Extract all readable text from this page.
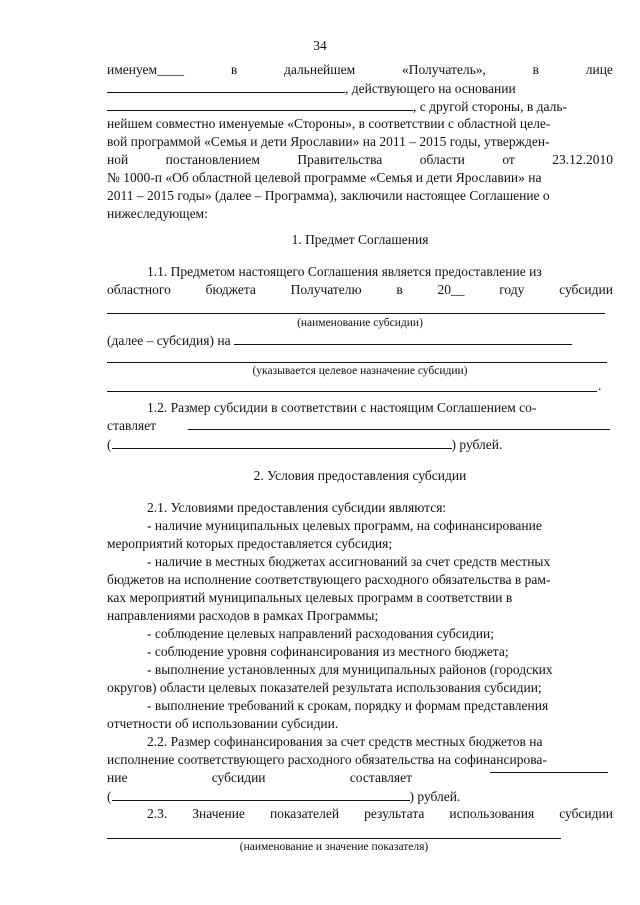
34
именуем____	в	дальнейшем	«Получатель»,	в	лице
, действующего на основании
, с другой стороны, в даль-
нейшем совместно именуемые «Стороны», в соответствии с областной целе-
вой программой «Семья и дети Ярославии» на 2011 – 2015 годы, утвержден-
ной	постановлением	Правительства	области	от	23.12.2010
№ 1000-п «Об областной целевой программе «Семья и дети Ярославии» на
2011 – 2015 годы» (далее – Программа), заключили настоящее Соглашение о
нижеследующем:
1. Предмет Соглашения
1.1. Предметом настоящего Соглашения является предоставление из
областного	бюджета	Получателю	в	20__	году	субсидии
(наименование субсидии)
(далее – субсидия) на
(указывается целевое назначение субсидии)
.
1.2. Размер субсидии в соответствии с настоящим Соглашением со-
ставляет
(	) рублей.
2. Условия предоставления субсидии
2.1. Условиями предоставления субсидии являются:
- наличие муниципальных целевых программ, на софинансирование
мероприятий которых предоставляется субсидия;
- наличие в местных бюджетах ассигнований за счет средств местных
бюджетов на исполнение соответствующего расходного обязательства в рам-
ках мероприятий муниципальных целевых программ в соответствии в
направлениями расходов в рамках Программы;
- соблюдение целевых направлений расходования субсидии;
- соблюдение уровня софинансирования из местного бюджета;
- выполнение установленных для муниципальных районов (городских
округов) области целевых показателей результата использования субсидии;
- выполнение требований к срокам, порядку и формам представления
отчетности об использовании субсидии.
2.2. Размер софинансирования за счет средств местных бюджетов на
исполнение соответствующего расходного обязательства на софинансирова-
ние	субсидии	составляет
(	) рублей.
2.3. Значение показателей результата использования субсидии
(наименование и значение показателя)
